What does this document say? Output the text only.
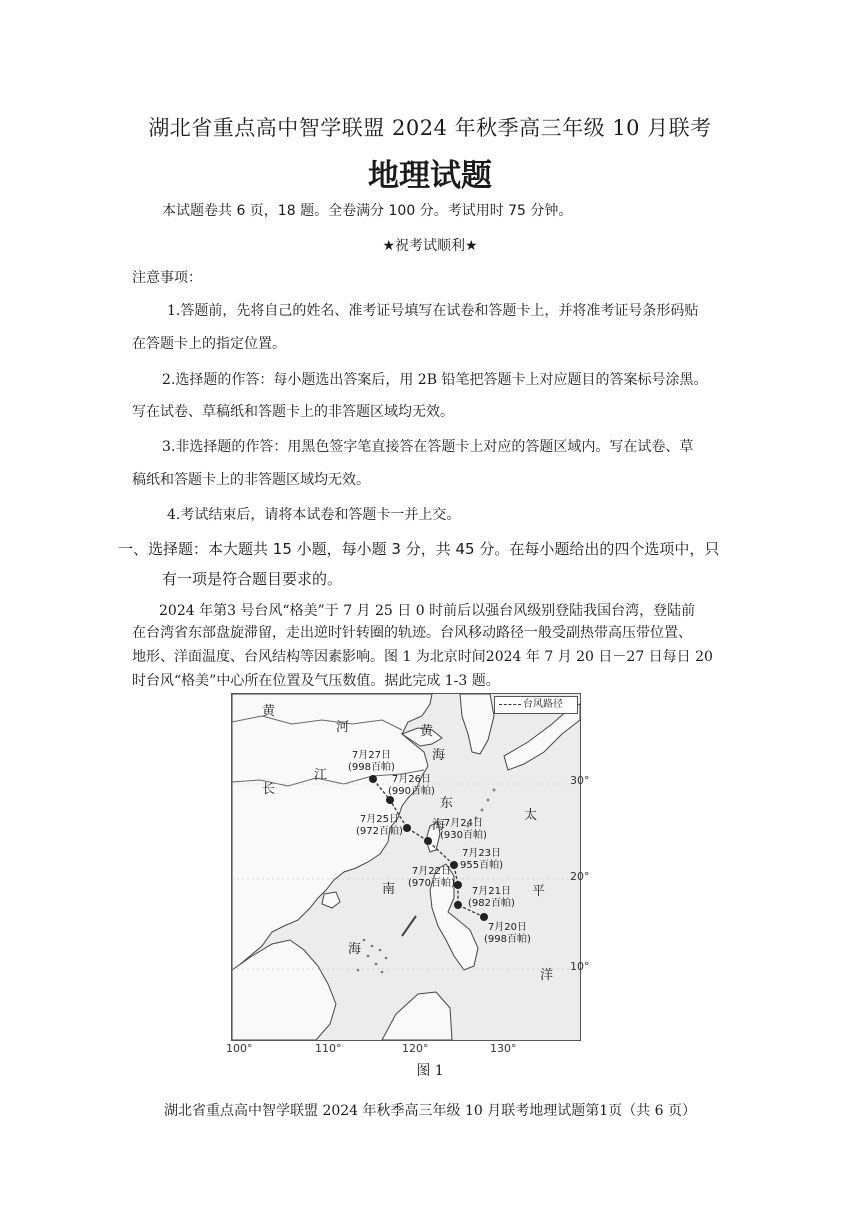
湖北省重点高中智学联盟 2024 年秋季高三年级 10 月联考
地理试题
本试题卷共 6 页，18 题。全卷满分 100 分。考试用时 75 分钟。
★祝考试顺利★
注意事项：
1.答题前，先将自己的姓名、准考证号填写在试卷和答题卡上，并将准考证号条形码贴
在答题卡上的指定位置。
2.选择题的作答：每小题选出答案后，用 2B 铅笔把答题卡上对应题目的答案标号涂黑。
写在试卷、草稿纸和答题卡上的非答题区域均无效。
3.非选择题的作答：用黑色签字笔直接答在答题卡上对应的答题区域内。写在试卷、草
稿纸和答题卡上的非答题区域均无效。
4.考试结束后，请将本试卷和答题卡一并上交。
一、选择题：本大题共 15 小题，每小题 3 分，共 45 分。在每小题给出的四个选项中，只
有一项是符合题目要求的。
2024 年第3 号台风“格美”于 7 月 25 日 0 时前后以强台风级别登陆我国台湾，登陆前
在台湾省东部盘旋滞留，走出逆时针转圈的轨迹。台风移动路径一般受副热带高压带位置、
地形、洋面温度、台风结构等因素影响。图 1 为北京时间2024 年 7 月 20 日－27 日每日 20
时台风“格美”中心所在位置及气压数值。据此完成 1-3 题。
台风路径
黄
河	黄
海
江
长
东
海
南
海
太
平
洋
30°
20°
10°
7月20日
(998百帕)
7月21日
(982百帕)
7月22日
(970百帕)
7月23日
955百帕)
7月24日
(930百帕)
7月25日
(972百帕)
7月26日
(990百帕)
7月27日
(998百帕)
100°	110°	120°	130°
图 1
湖北省重点高中智学联盟 2024 年秋季高三年级 10 月联考地理试题第1页（共 6 页）
